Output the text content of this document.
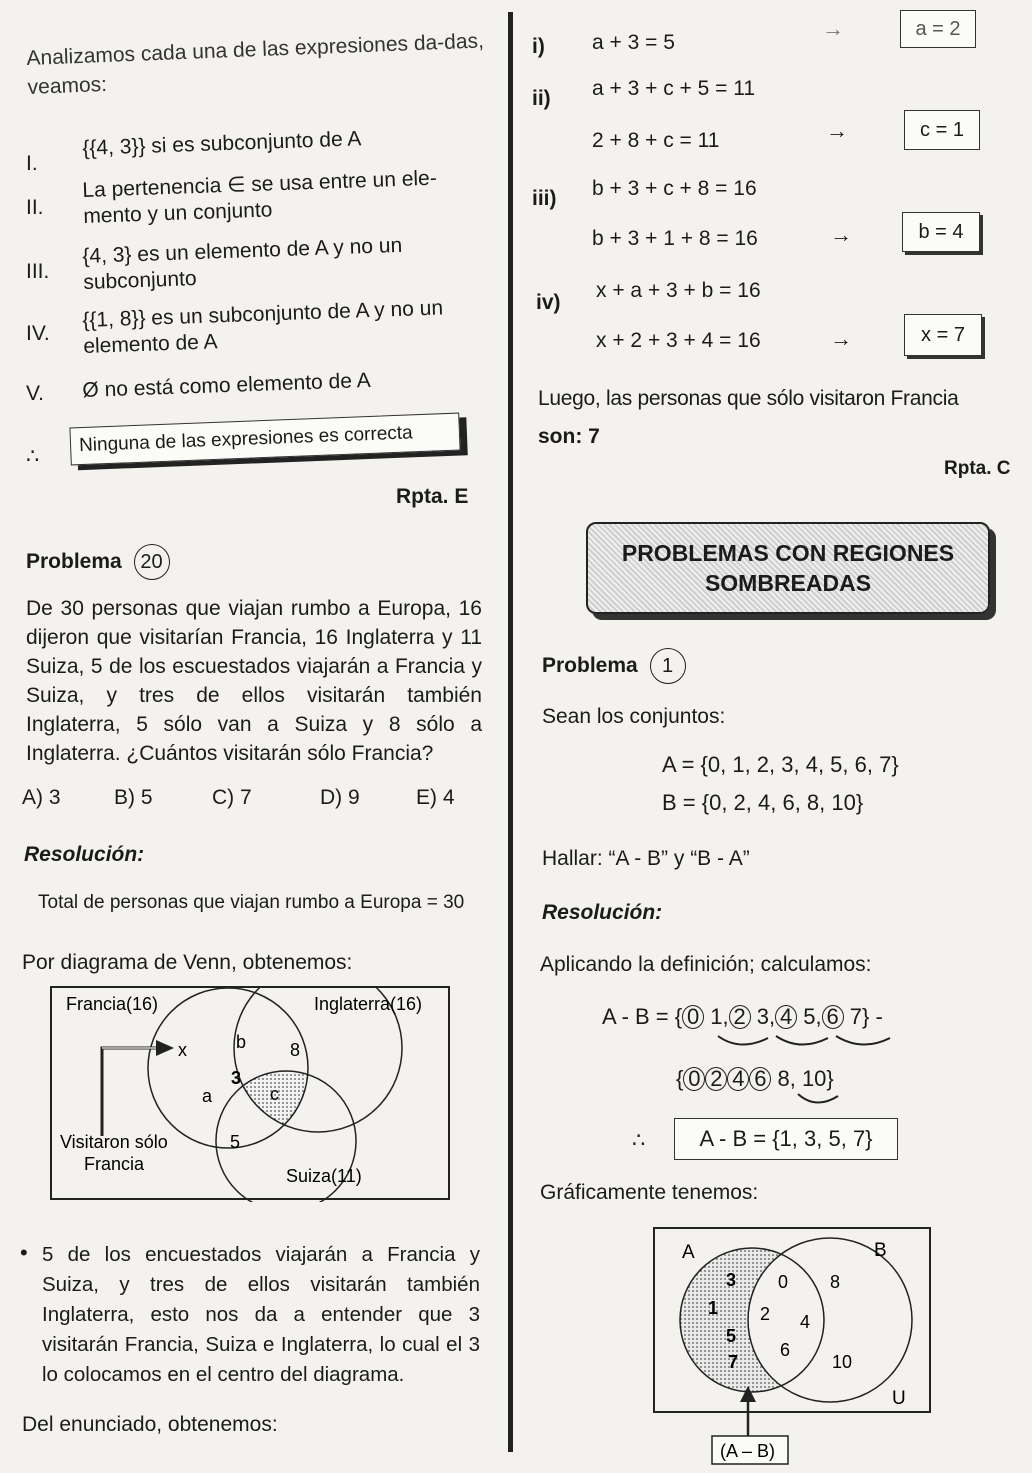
Analizamos cada una de las expresiones da-das, veamos:
I.
{{4, 3}} si es subconjunto de A
II.
La pertenencia ∈ se usa entre un ele-mento y un conjunto
III.
{4, 3} es un elemento de A y no un subconjunto
IV.
{{1, 8}} es un subconjunto de A y no un elemento de A
V. Ø no está como elemento de A
∴
Ninguna de las expresiones es correcta
Rpta. E
Problema 20
De 30 personas que viajan rumbo a Europa, 16 dijeron que visitarían Francia, 16 Inglaterra y 11 Suiza, 5 de los escuestados viajarán a Francia y Suiza, y tres de ellos visitarán también Inglaterra, 5 sólo van a Suiza y 8 sólo a Inglaterra. ¿Cuántos visitarán sólo Francia?
A) 3	B) 5	C) 7	D) 9	E) 4
Resolución:
Total de personas que viajan rumbo a Europa = 30
Por diagrama de Venn, obtenemos:
Francia(16)	Inglaterra(16)
Suiza(11)
x	b 8
3
a	c
5
Visitaron sólo
Francia
• 5 de los encuestados viajarán a Francia y Suiza, y tres de ellos visitarán también Inglaterra, esto nos da a entender que 3 visitarán Francia, Suiza e Inglaterra, lo cual el 3 lo colocamos en el centro del diagrama.
Del enunciado, obtenemos:
i) a + 3 = 5
→	a = 2
ii) a + 3 + c + 5 = 11
2 + 8 + c = 11	→	c = 1
iii) b + 3 + c + 8 = 16
b + 3 + 1 + 8 = 16	→	b = 4
iv)
x + a + 3 + b = 16
x + 2 + 3 + 4 = 16	→	x = 7
Luego, las personas que sólo visitaron Francia
son: 7
Rpta. C
PROBLEMAS CON REGIONES
SOMBREADAS
Problema 1
Sean los conjuntos:
A = {0, 1, 2, 3, 4, 5, 6, 7}
B = {0, 2, 4, 6, 8, 10}
Hallar: “A - B” y “B - A”
Resolución:
Aplicando la definición; calculamos:
A - B = { 0 1, 2 3, 4 5, 6 7} -
{ 0 2 4 6 8, 10}
∴	A - B = {1, 3, 5, 7}
Gráficamente tenemos:
A	B
U
3
1
5
7
0
2 4
6
8
10
(A – B)
